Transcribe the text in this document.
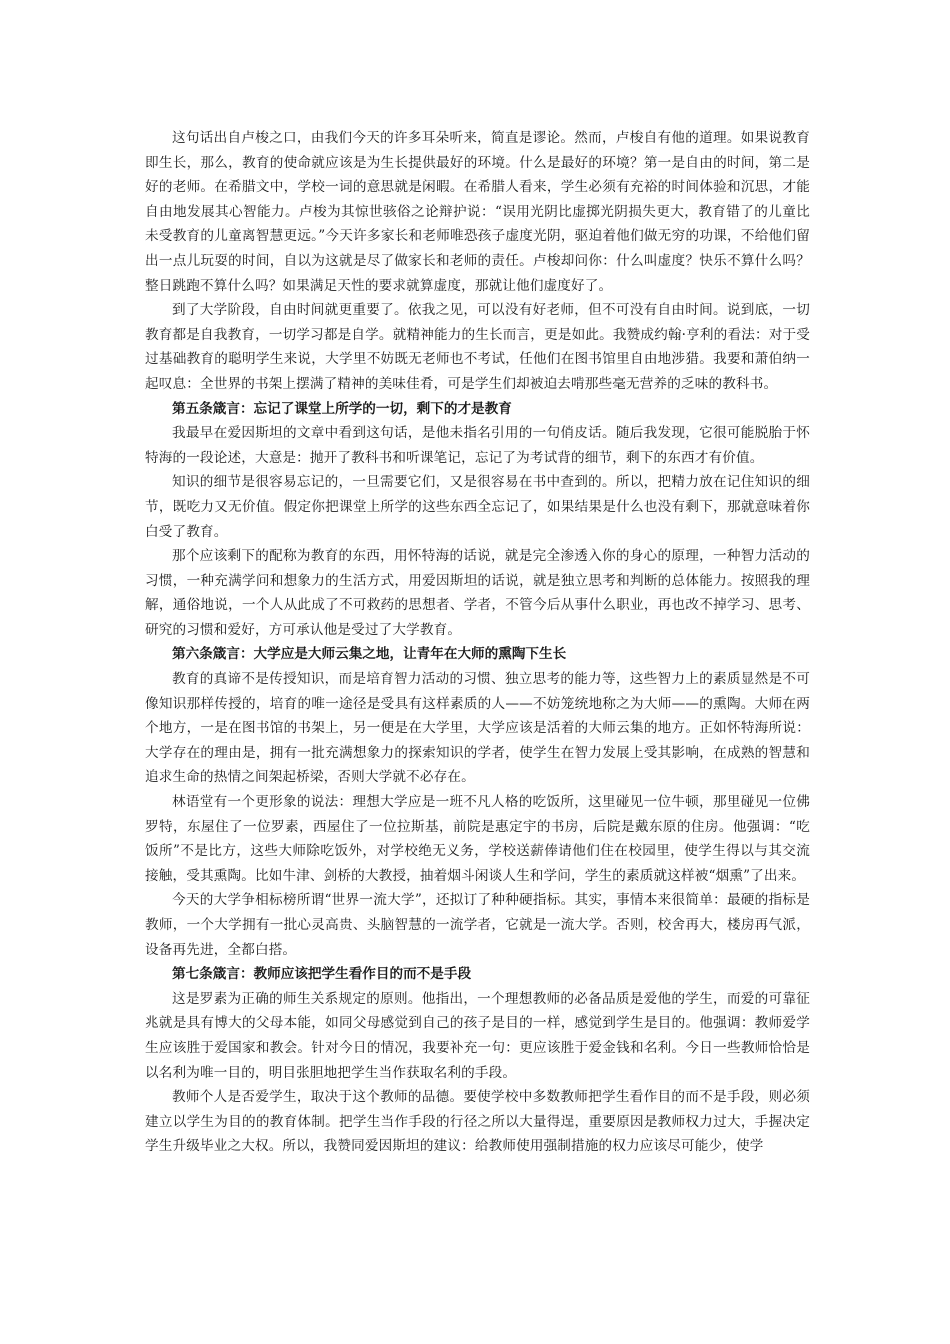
这句话出自卢梭之口，由我们今天的许多耳朵听来，简直是谬论。然而，卢梭自有他的道理。如果说教育即生长，那么，教育的使命就应该是为生长提供最好的环境。什么是最好的环境？第一是自由的时间，第二是好的老师。在希腊文中，学校一词的意思就是闲暇。在希腊人看来，学生必须有充裕的时间体验和沉思，才能自由地发展其心智能力。卢梭为其惊世骇俗之论辩护说：“误用光阴比虚掷光阴损失更大，教育错了的儿童比未受教育的儿童离智慧更远。”今天许多家长和老师唯恐孩子虚度光阴，驱迫着他们做无穷的功课，不给他们留出一点儿玩耍的时间，自以为这就是尽了做家长和老师的责任。卢梭却问你：什么叫虚度？快乐不算什么吗？整日跳跑不算什么吗？如果满足天性的要求就算虚度，那就让他们虚度好了。

到了大学阶段，自由时间就更重要了。依我之见，可以没有好老师，但不可没有自由时间。说到底，一切教育都是自我教育，一切学习都是自学。就精神能力的生长而言，更是如此。我赞成约翰·亨利的看法：对于受过基础教育的聪明学生来说，大学里不妨既无老师也不考试，任他们在图书馆里自由地涉猎。我要和萧伯纳一起叹息：全世界的书架上摆满了精神的美味佳肴，可是学生们却被迫去啃那些毫无营养的乏味的教科书。

第五条箴言：忘记了课堂上所学的一切，剩下的才是教育

我最早在爱因斯坦的文章中看到这句话，是他未指名引用的一句俏皮话。随后我发现，它很可能脱胎于怀特海的一段论述，大意是：抛开了教科书和听课笔记，忘记了为考试背的细节，剩下的东西才有价值。

知识的细节是很容易忘记的，一旦需要它们，又是很容易在书中查到的。所以，把精力放在记住知识的细节，既吃力又无价值。假定你把课堂上所学的这些东西全忘记了，如果结果是什么也没有剩下，那就意味着你白受了教育。

那个应该剩下的配称为教育的东西，用怀特海的话说，就是完全渗透入你的身心的原理，一种智力活动的习惯，一种充满学问和想象力的生活方式，用爱因斯坦的话说，就是独立思考和判断的总体能力。按照我的理解，通俗地说，一个人从此成了不可救药的思想者、学者，不管今后从事什么职业，再也改不掉学习、思考、研究的习惯和爱好，方可承认他是受过了大学教育。

第六条箴言：大学应是大师云集之地，让青年在大师的熏陶下生长

教育的真谛不是传授知识，而是培育智力活动的习惯、独立思考的能力等，这些智力上的素质显然是不可像知识那样传授的，培育的唯一途径是受具有这样素质的人——不妨笼统地称之为大师——的熏陶。大师在两个地方，一是在图书馆的书架上，另一便是在大学里，大学应该是活着的大师云集的地方。正如怀特海所说：大学存在的理由是，拥有一批充满想象力的探索知识的学者，使学生在智力发展上受其影响，在成熟的智慧和追求生命的热情之间架起桥梁，否则大学就不必存在。

林语堂有一个更形象的说法：理想大学应是一班不凡人格的吃饭所，这里碰见一位牛顿，那里碰见一位佛罗特，东屋住了一位罗素，西屋住了一位拉斯基，前院是惠定宇的书房，后院是戴东原的住房。他强调：“吃饭所”不是比方，这些大师除吃饭外，对学校绝无义务，学校送薪俸请他们住在校园里，使学生得以与其交流接触，受其熏陶。比如牛津、剑桥的大教授，抽着烟斗闲谈人生和学问，学生的素质就这样被“烟熏”了出来。

今天的大学争相标榜所谓“世界一流大学”，还拟订了种种硬指标。其实，事情本来很简单：最硬的指标是教师，一个大学拥有一批心灵高贵、头脑智慧的一流学者，它就是一流大学。否则，校舍再大，楼房再气派，设备再先进，全都白搭。

第七条箴言：教师应该把学生看作目的而不是手段

这是罗素为正确的师生关系规定的原则。他指出，一个理想教师的必备品质是爱他的学生，而爱的可靠征兆就是具有博大的父母本能，如同父母感觉到自己的孩子是目的一样，感觉到学生是目的。他强调：教师爱学生应该胜于爱国家和教会。针对今日的情况，我要补充一句：更应该胜于爱金钱和名利。今日一些教师恰恰是以名利为唯一目的，明目张胆地把学生当作获取名利的手段。

教师个人是否爱学生，取决于这个教师的品德。要使学校中多数教师把学生看作目的而不是手段，则必须建立以学生为目的的教育体制。把学生当作手段的行径之所以大量得逞，重要原因是教师权力过大，手握决定学生升级毕业之大权。所以，我赞同爱因斯坦的建议：给教师使用强制措施的权力应该尽可能少，使学
